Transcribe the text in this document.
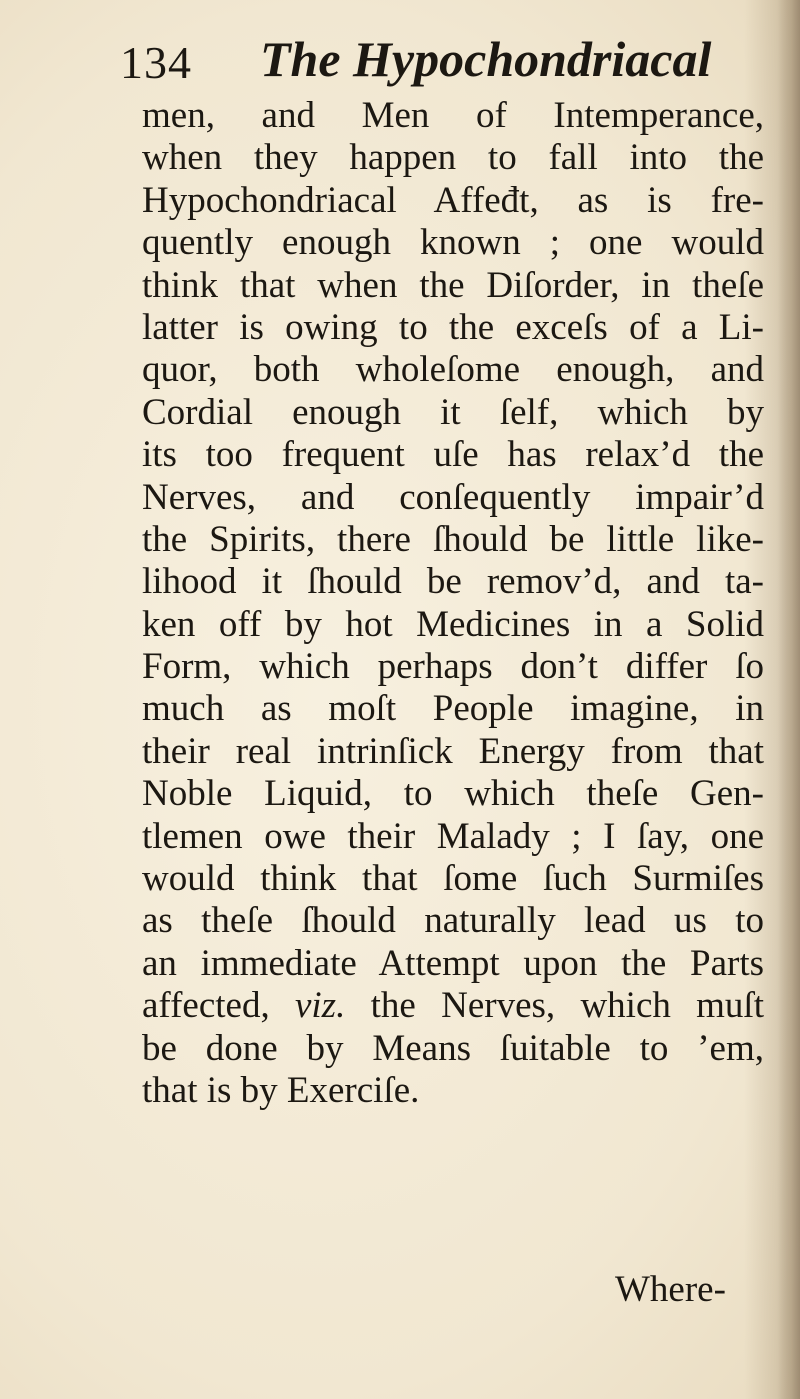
134 The Hypochondriacal
men, and Men of Intemperance,
when they happen to fall into the
Hypochondriacal Affeđt, as is fre-
quently enough known ; one would
think that when the Diſorder, in theſe
latter is owing to the exceſs of a Li-
quor, both wholeſome enough, and
Cordial enough it ſelf, which by
its too frequent uſe has relax’d the
Nerves, and conſequently impair’d
the Spirits, there ſhould be little like-
lihood it ſhould be remov’d, and ta-
ken off by hot Medicines in a Solid
Form, which perhaps don’t differ ſo
much as moſt People imagine, in
their real intrinſick Energy from that
Noble Liquid, to which theſe Gen-
tlemen owe their Malady ; I ſay, one
would think that ſome ſuch Surmiſes
as theſe ſhould naturally lead us to
an immediate Attempt upon the Parts
affected, viz. the Nerves, which muſt
be done by Means ſuitable to ’em,
that is by Exerciſe.
Where-
